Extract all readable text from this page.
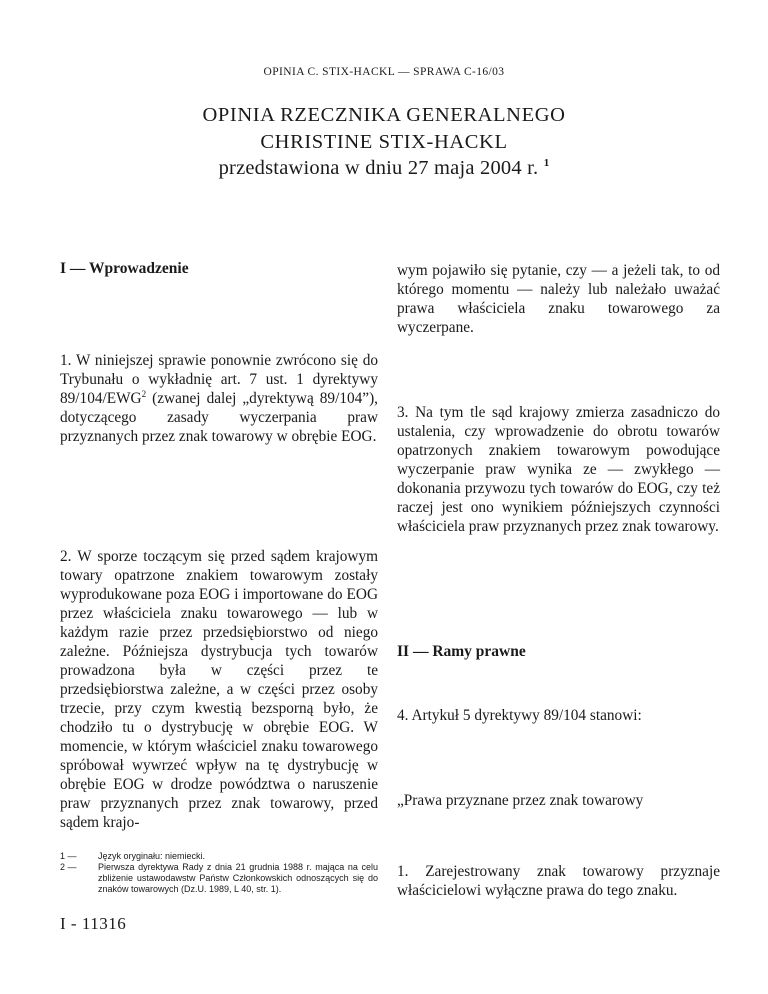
OPINIA C. STIX-HACKL — SPRAWA C-16/03
OPINIA RZECZNIKA GENERALNEGO
CHRISTINE STIX-HACKL
przedstawiona w dniu 27 maja 2004 r. $^1$

I — Wprowadzenie

1. W niniejszej sprawie ponownie zwrócono się do Trybunału o wykładnię art. 7 ust. 1 dyrektywy 89/104/EWG$^2$ (zwanej dalej „dyrektywą 89/104”), dotyczącego zasady wyczerpania praw przyznanych przez znak towarowy w obrębie EOG.

2. W sporze toczącym się przed sądem krajowym towary opatrzone znakiem towarowym zostały wyprodukowane poza EOG i importowane do EOG przez właściciela znaku towarowego — lub w każdym razie przez przedsiębiorstwo od niego zależne. Późniejsza dystrybucja tych towarów prowadzona była w części przez te przedsiębiorstwa zależne, a w części przez osoby trzecie, przy czym kwestią bezsporną było, że chodziło tu o dystrybucję w obrębie EOG. W momencie, w którym właściciel znaku towarowego spróbował wywrzeć wpływ na tę dystrybucję w obrębie EOG w drodze powództwa o naruszenie praw przyznanych przez znak towarowy, przed sądem krajo-

wym pojawiło się pytanie, czy — a jeżeli tak, to od którego momentu — należy lub należało uważać prawa właściciela znaku towarowego za wyczerpane.

3. Na tym tle sąd krajowy zmierza zasadniczo do ustalenia, czy wprowadzenie do obrotu towarów opatrzonych znakiem towarowym powodujące wyczerpanie praw wynika ze — zwykłego — dokonania przywozu tych towarów do EOG, czy też raczej jest ono wynikiem późniejszych czynności właściciela praw przyznanych przez znak towarowy.

II — Ramy prawne

4. Artykuł 5 dyrektywy 89/104 stanowi:

„Prawa przyznane przez znak towarowy

1. Zarejestrowany znak towarowy przyznaje właścicielowi wyłączne prawa do tego znaku.

1 —	Język oryginału: niemiecki.
2 —	Pierwsza dyrektywa Rady z dnia 21 grudnia 1988 r. mająca na celu zbliżenie ustawodawstw Państw Członkowskich odnoszących się do znaków towarowych (Dz.U. 1989, L 40, str. 1).
I - 11316
